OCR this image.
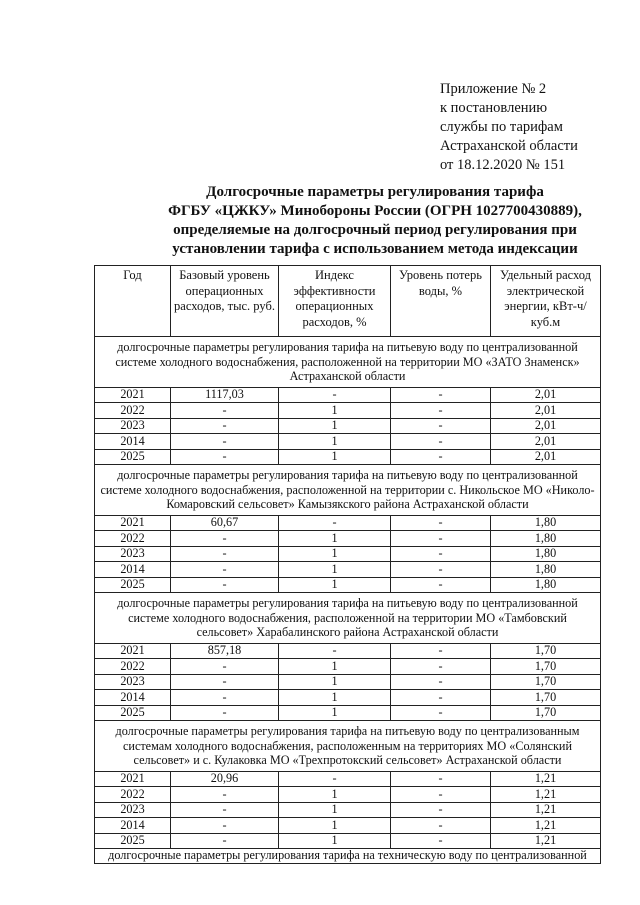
Приложение № 2
к постановлению
службы по тарифам
Астраханской области
от 18.12.2020 № 151
Долгосрочные параметры регулирования тарифа
ФГБУ «ЦЖКУ» Минобороны России (ОГРН 1027700430889),
определяемые на долгосрочный период регулирования при
установлении тарифа с использованием метода индексации
Год	Базовый уровень операционных расходов, тыс. руб.	Индекс эффективности операционных расходов, %	Уровень потерь воды, %	Удельный расход электрической энергии, кВт-ч/куб.м
долгосрочные параметры регулирования тарифа на питьевую воду по централизованной системе холодного водоснабжения, расположенной на территории МО «ЗАТО Знаменск» Астраханской области				
2021	1117,03	-	-	2,01
2022	-	1	-	2,01
2023	-	1	-	2,01
2014	-	1	-	2,01
2025	-	1	-	2,01
долгосрочные параметры регулирования тарифа на питьевую воду по централизованной системе холодного водоснабжения, расположенной на территории с. Никольское МО «Николо-Комаровский сельсовет» Камызякского района Астраханской области				
2021	60,67	-	-	1,80
2022	-	1	-	1,80
2023	-	1	-	1,80
2014	-	1	-	1,80
2025	-	1	-	1,80
долгосрочные параметры регулирования тарифа на питьевую воду по централизованной системе холодного водоснабжения, расположенной на территории МО «Тамбовский сельсовет» Харабалинского района Астраханской области				
2021	857,18	-	-	1,70
2022	-	1	-	1,70
2023	-	1	-	1,70
2014	-	1	-	1,70
2025	-	1	-	1,70
долгосрочные параметры регулирования тарифа на питьевую воду по централизованным системам холодного водоснабжения, расположенным на территориях МО «Солянский сельсовет» и с. Кулаковка МО «Трехпротокский сельсовет» Астраханской области				
2021	20,96	-	-	1,21
2022	-	1	-	1,21
2023	-	1	-	1,21
2014	-	1	-	1,21
2025	-	1	-	1,21
долгосрочные параметры регулирования тарифа на техническую воду по централизованной				
